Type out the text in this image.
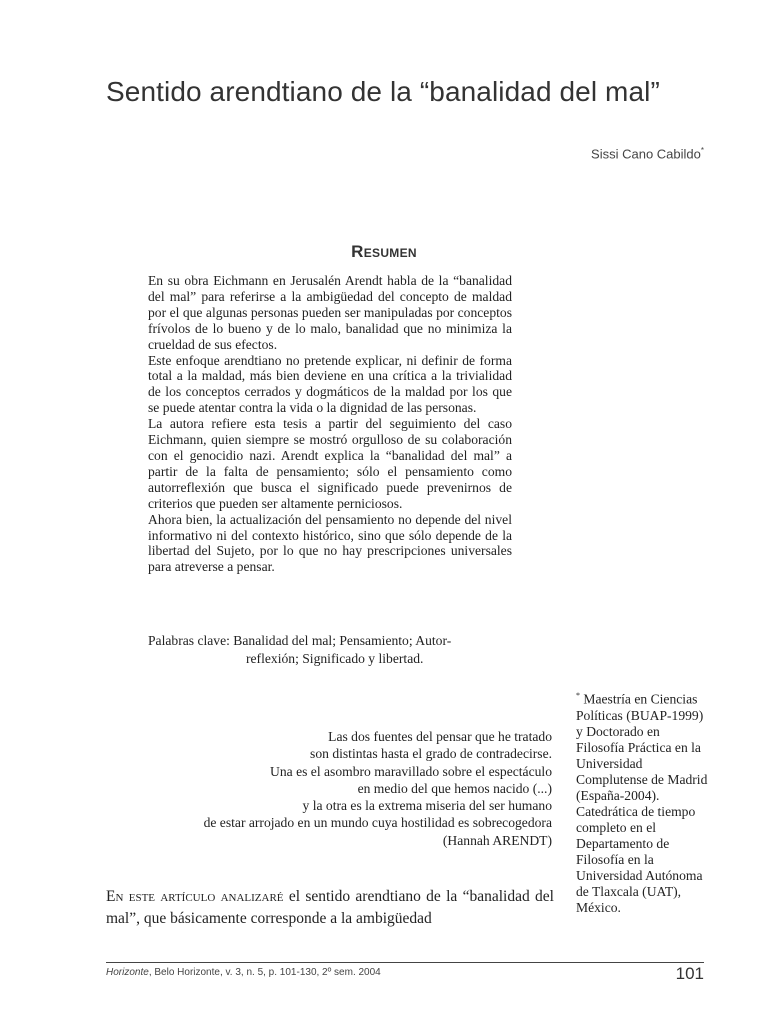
Sentido arendtiano de la “banalidad del mal”
Sissi Cano Cabildo*
Resumen

En su obra Eichmann en Jerusalén Arendt habla de la “banalidad del mal” para referirse a la ambigüedad del concepto de maldad por el que algunas personas pueden ser manipuladas por conceptos frívolos de lo bueno y de lo malo, banalidad que no minimiza la crueldad de sus efectos.

Este enfoque arendtiano no pretende explicar, ni definir de forma total a la maldad, más bien deviene en una crítica a la trivialidad de los conceptos cerrados y dogmáticos de la maldad por los que se puede atentar contra la vida o la dignidad de las personas.

La autora refiere esta tesis a partir del seguimiento del caso Eichmann, quien siempre se mostró orgulloso de su colaboración con el genocidio nazi. Arendt explica la “banalidad del mal” a partir de la falta de pensamiento; sólo el pensamiento como autorreflexión que busca el significado puede prevenirnos de criterios que pueden ser altamente perniciosos.

Ahora bien, la actualización del pensamiento no depende del nivel informativo ni del contexto histórico, sino que sólo depende de la libertad del Sujeto, por lo que no hay prescripciones universales para atreverse a pensar.

Palabras clave: Banalidad del mal; Pensamiento; Autor-
reflexión; Significado y libertad.
Las dos fuentes del pensar que he tratado
son distintas hasta el grado de contradecirse.
Una es el asombro maravillado sobre el espectáculo
en medio del que hemos nacido (...)
y la otra es la extrema miseria del ser humano
de estar arrojado en un mundo cuya hostilidad es sobrecogedora
(Hannah ARENDT)
* Maestría en Ciencias Políticas (BUAP-1999) y Doctorado en Filosofía Práctica en la Universidad Complutense de Madrid (España-2004). Catedrática de tiempo completo en el Departamento de Filosofía en la Universidad Autónoma de Tlaxcala (UAT), México.
En este artículo analizaré el sentido arendtiano de la “banalidad del mal”, que básicamente corresponde a la ambigüedad
Horizonte, Belo Horizonte, v. 3, n. 5, p. 101-130, 2º sem. 2004	101
